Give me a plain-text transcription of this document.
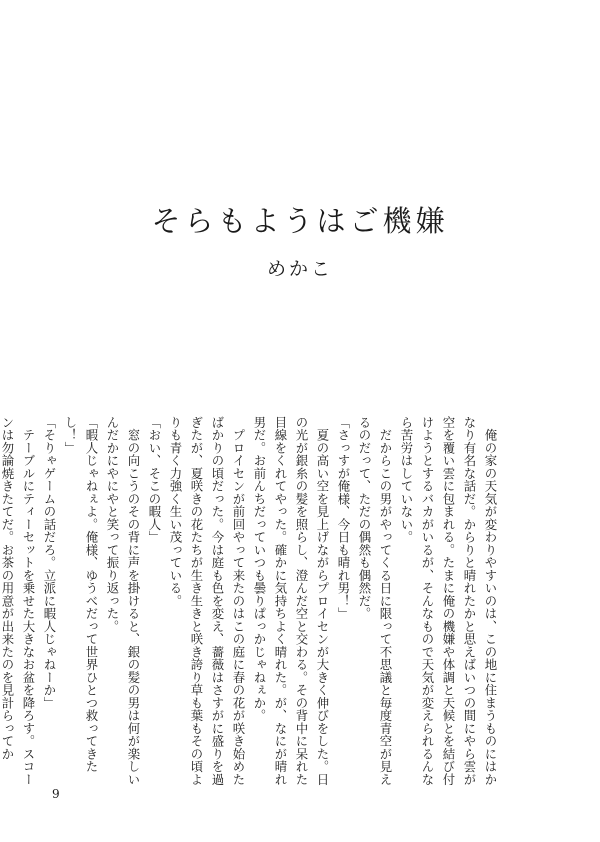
そらもようはご機嫌
めかこ

　俺の家の天気が変わりやすいのは、この地に住まうものにはかなり有名な話だ。からりと晴れたかと思えばいつの間にやら雲が空を覆い雲に包まれる。たまに俺の機嫌や体調と天候とを結び付けようとするバカがいるが、そんなもので天気が変えられるんなら苦労はしていない。

　だからこの男がやってくる日に限って不思議と毎度青空が見えるのだって、ただの偶然も偶然だ。

「さっすが俺様、今日も晴れ男！」

　夏の高い空を見上げながらプロイセンが大きく伸びをした。日の光が銀糸の髪を照らし、澄んだ空と交わる。その背中に呆れた目線をくれてやった。確かに気持ちよく晴れた。が、なにが晴れ男だ。お前んちだっていつも曇りぱっかじゃねぇか。

　プロイセンが前回やって来たのはこの庭に春の花が咲き始めたばかりの頃だった。今は庭も色を変え、薔薇はさすがに盛りを過ぎたが、夏咲きの花たちが生き生きと咲き誇り草も葉もその頃よりも青く力強く生い茂っている。

「おい、そこの暇人」

　窓の向こうのその背に声を掛けると、銀の髪の男は何が楽しいんだかにやにやと笑って振り返った。

「暇人じゃねぇよ。俺様、ゆうべだって世界ひとつ救ってきたし！」

「そりゃゲームの話だろ。立派に暇人じゃねーか」

　テーブルにティーセットを乗せた大きなお盆を降ろす。スコーンは勿論焼きたてだ。お茶の用意が出来たのを見計らってか

9
